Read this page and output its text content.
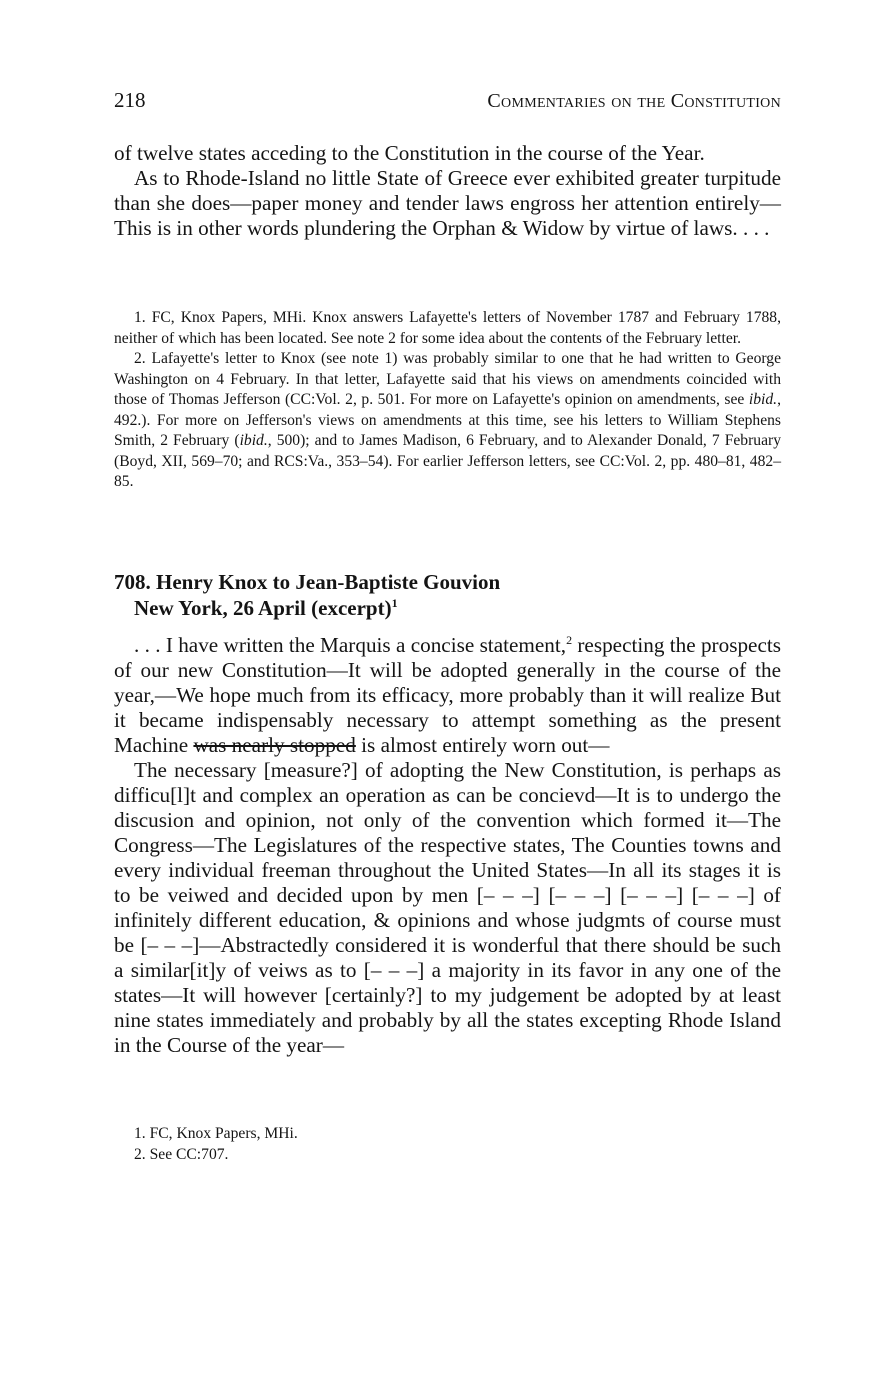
218	Commentaries on the Constitution

of twelve states acceding to the Constitution in the course of the Year.

As to Rhode-Island no little State of Greece ever exhibited greater turpitude than she does—paper money and tender laws engross her attention entirely—This is in other words plundering the Orphan & Widow by virtue of laws. . . .

1. FC, Knox Papers, MHi. Knox answers Lafayette's letters of November 1787 and February 1788, neither of which has been located. See note 2 for some idea about the contents of the February letter.

2. Lafayette's letter to Knox (see note 1) was probably similar to one that he had written to George Washington on 4 February. In that letter, Lafayette said that his views on amendments coincided with those of Thomas Jefferson (CC:Vol. 2, p. 501. For more on Lafayette's opinion on amendments, see ibid., 492.). For more on Jefferson's views on amendments at this time, see his letters to William Stephens Smith, 2 February (ibid., 500); and to James Madison, 6 February, and to Alexander Donald, 7 February (Boyd, XII, 569–70; and RCS:Va., 353–54). For earlier Jefferson letters, see CC:Vol. 2, pp. 480–81, 482–85.

708. Henry Knox to Jean-Baptiste Gouvion
New York, 26 April (excerpt)$^1$

. . . I have written the Marquis a concise statement,$^2$ respecting the prospects of our new Constitution—It will be adopted generally in the course of the year,—We hope much from its efficacy, more probably than it will realize But it became indispensably necessary to attempt something as the present Machine was nearly stopped is almost entirely worn out—

The necessary [measure?] of adopting the New Constitution, is perhaps as difficu[l]t and complex an operation as can be concievd—It is to undergo the discusion and opinion, not only of the convention which formed it—The Congress—The Legislatures of the respective states, The Counties towns and every individual freeman throughout the United States—In all its stages it is to be veiwed and decided upon by men [– – –] [– – –] [– – –] [– – –] of infinitely different education, & opinions and whose judgmts of course must be [– – –]—Abstractedly considered it is wonderful that there should be such a similar[it]y of veiws as to [– – –] a majority in its favor in any one of the states—It will however [certainly?] to my judgement be adopted by at least nine states immediately and probably by all the states excepting Rhode Island in the Course of the year—

1. FC, Knox Papers, MHi.

2. See CC:707.
